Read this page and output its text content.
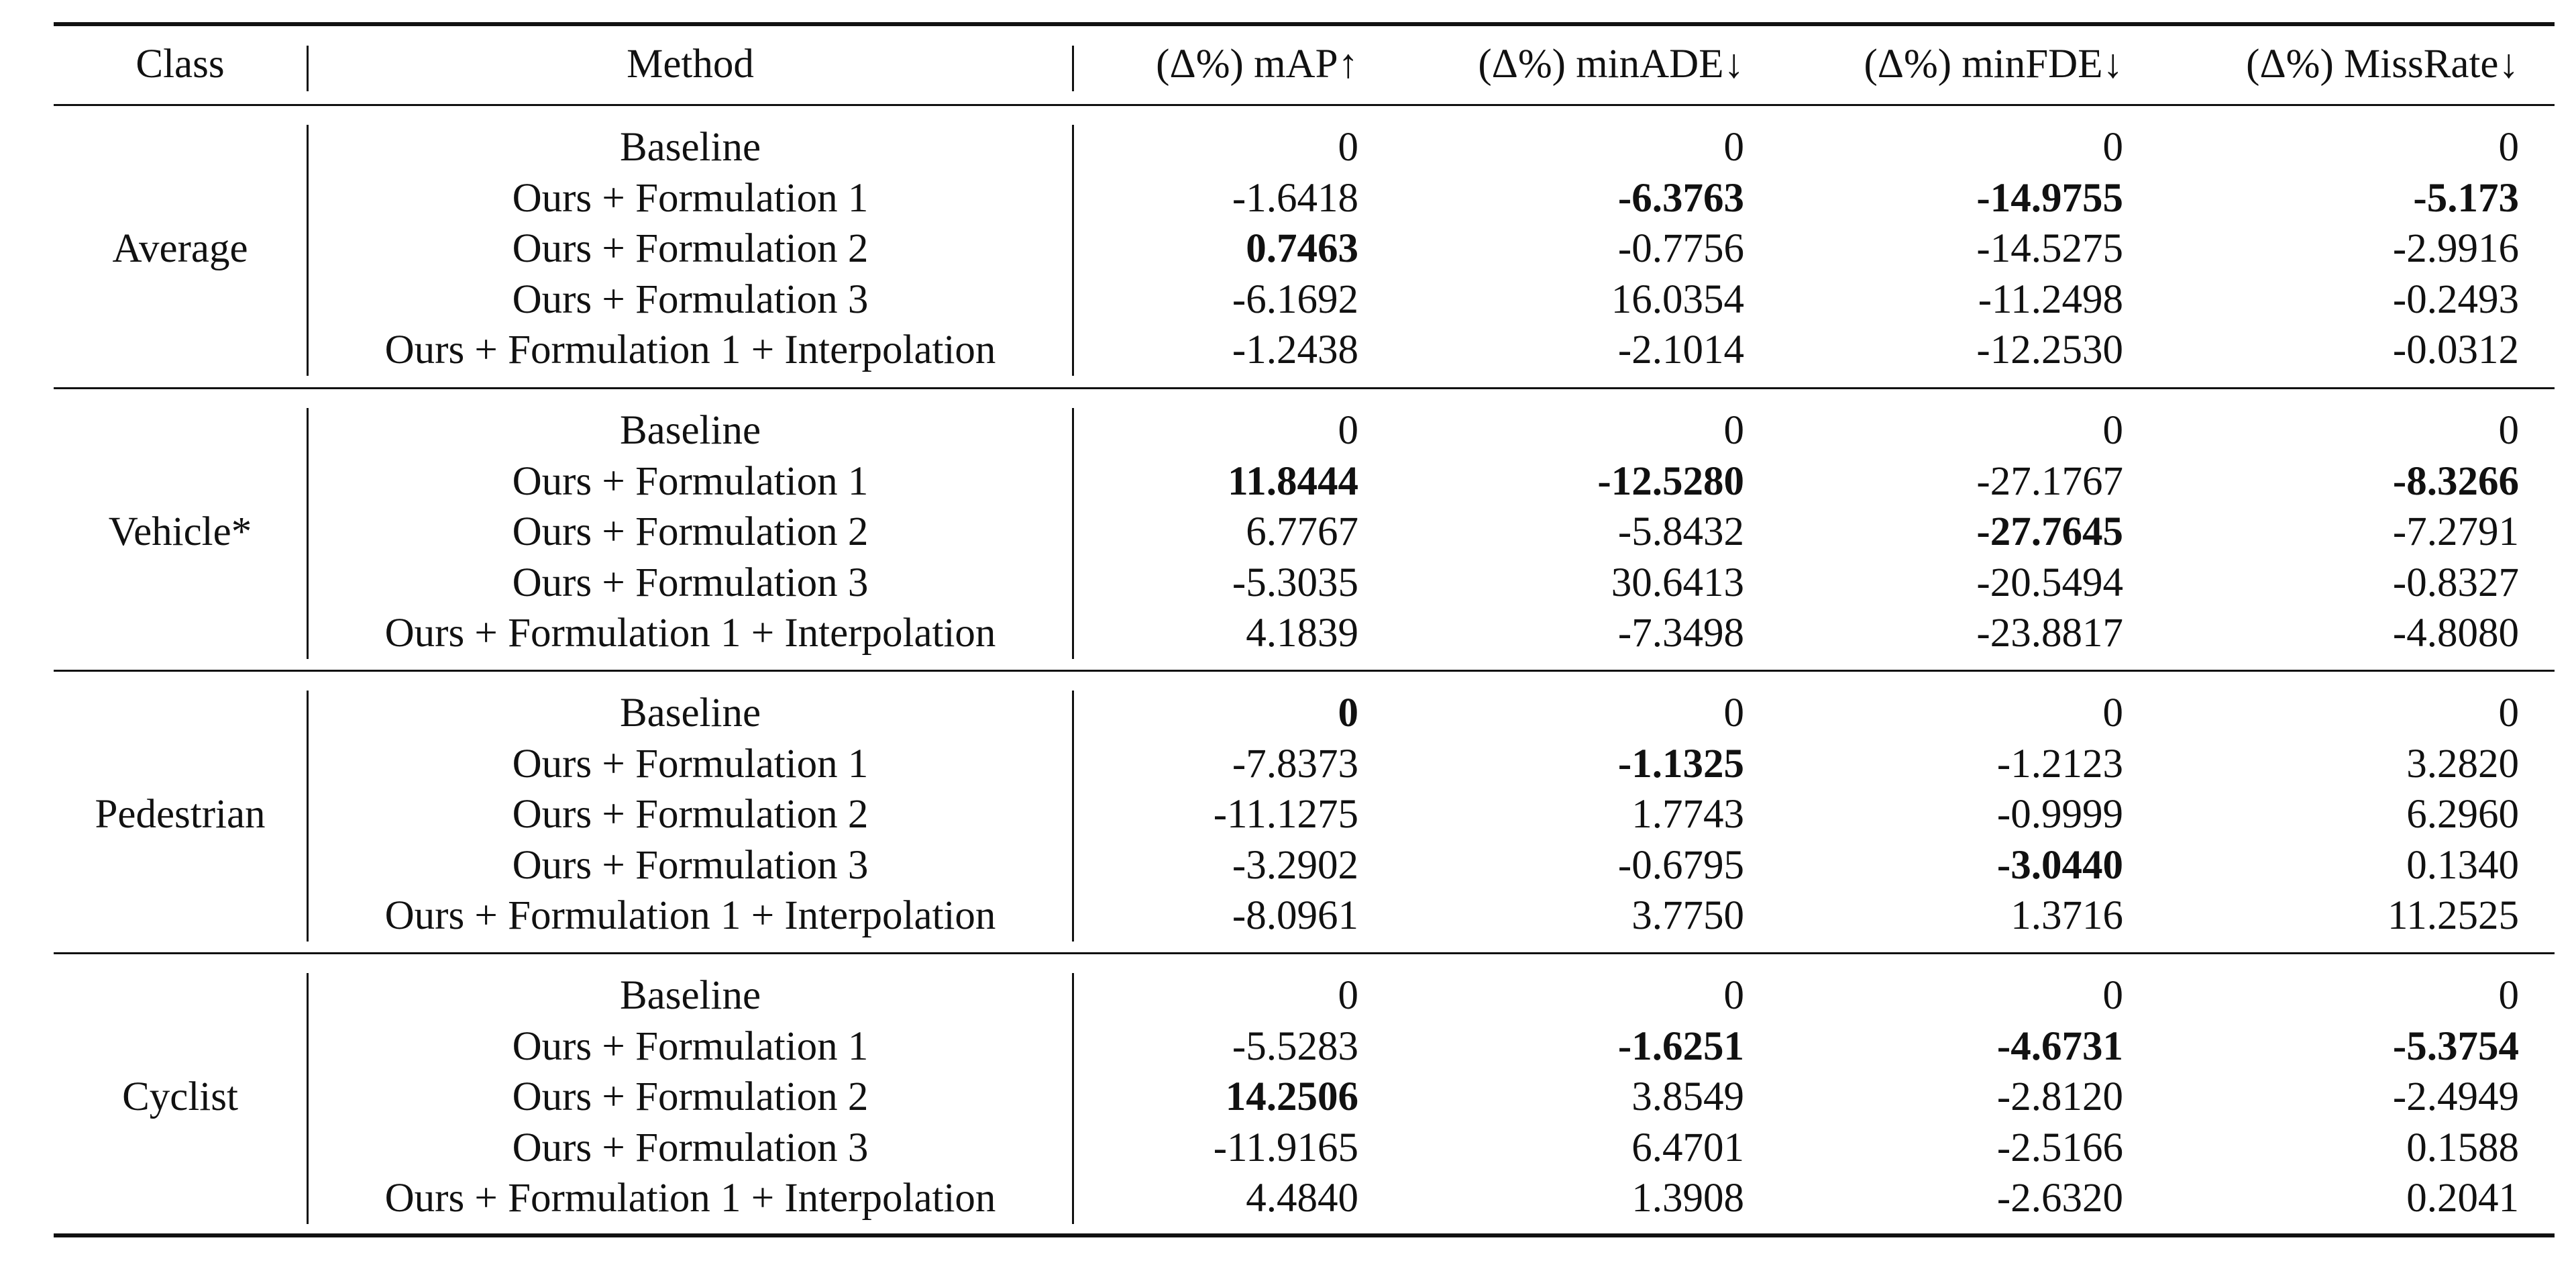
Class	Method	(Δ%) mAP↑	(Δ%) minADE↓	(Δ%) minFDE↓	(Δ%) MissRate↓
Average
Baseline	0	0	0	0
Ours + Formulation 1	-1.6418	-6.3763	-14.9755	-5.173
Ours + Formulation 2	0.7463	-0.7756	-14.5275	-2.9916
Ours + Formulation 3	-6.1692	16.0354	-11.2498	-0.2493
Ours + Formulation 1 + Interpolation	-1.2438	-2.1014	-12.2530	-0.0312
Vehicle*
Baseline	0	0	0	0
Ours + Formulation 1	11.8444	-12.5280	-27.1767	-8.3266
Ours + Formulation 2	6.7767	-5.8432	-27.7645	-7.2791
Ours + Formulation 3	-5.3035	30.6413	-20.5494	-0.8327
Ours + Formulation 1 + Interpolation	4.1839	-7.3498	-23.8817	-4.8080
Pedestrian
Baseline	0	0	0	0
Ours + Formulation 1	-7.8373	-1.1325	-1.2123	3.2820
Ours + Formulation 2	-11.1275	1.7743	-0.9999	6.2960
Ours + Formulation 3	-3.2902	-0.6795	-3.0440	0.1340
Ours + Formulation 1 + Interpolation	-8.0961	3.7750	1.3716	11.2525
Cyclist
Baseline	0	0	0	0
Ours + Formulation 1	-5.5283	-1.6251	-4.6731	-5.3754
Ours + Formulation 2	14.2506	3.8549	-2.8120	-2.4949
Ours + Formulation 3	-11.9165	6.4701	-2.5166	0.1588
Ours + Formulation 1 + Interpolation	4.4840	1.3908	-2.6320	0.2041
